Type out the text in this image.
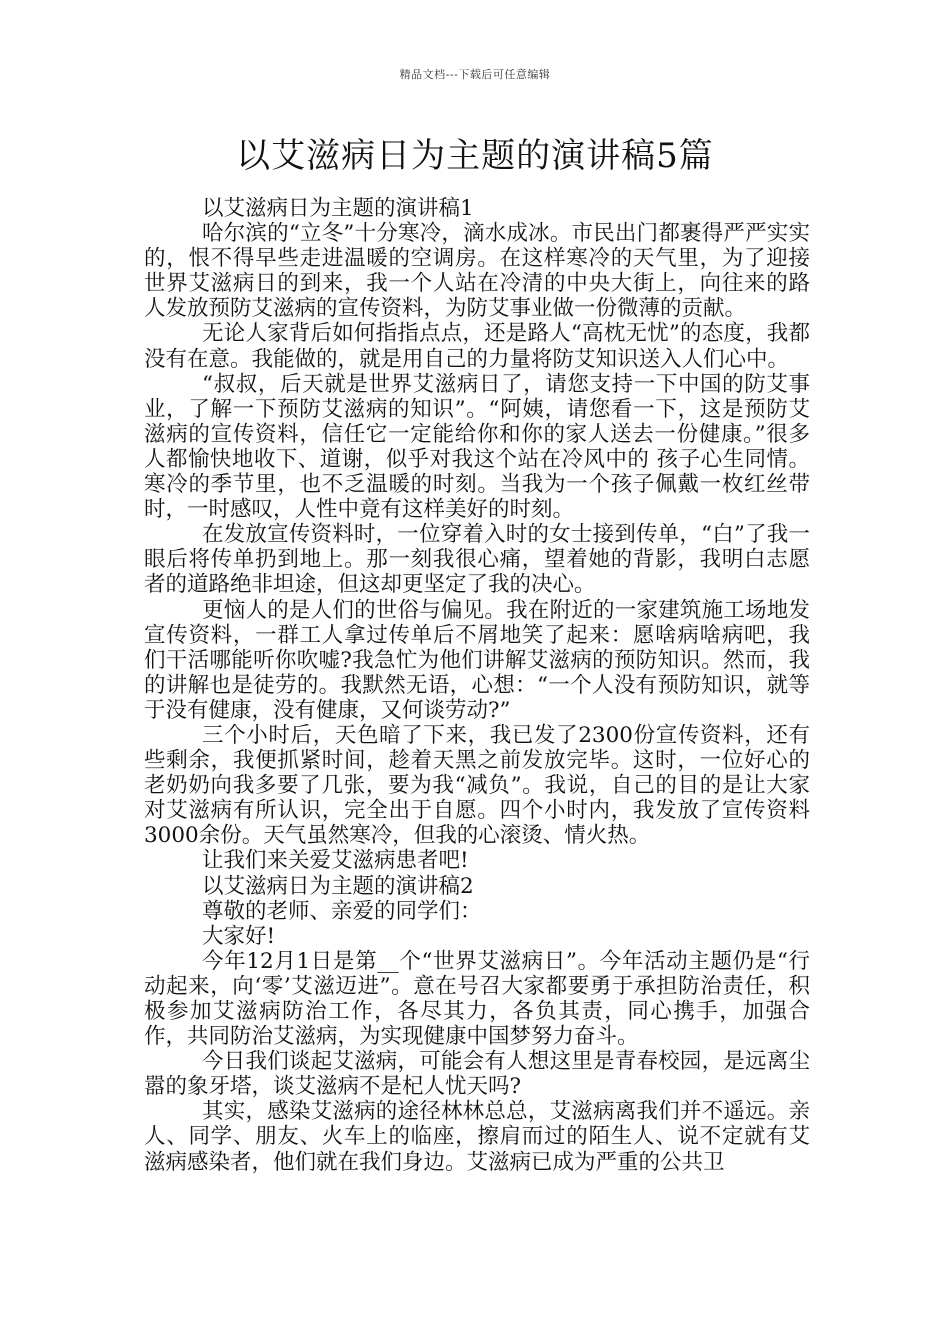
精品文档---下载后可任意编辑
以艾滋病日为主题的演讲稿5篇

以艾滋病日为主题的演讲稿1

哈尔滨的“立冬”十分寒冷，滴水成冰。市民出门都裹得严严实实的，恨不得早些走进温暖的空调房。在这样寒冷的天气里，为了迎接世界艾滋病日的到来，我一个人站在冷清的中央大街上，向往来的路人发放预防艾滋病的宣传资料，为防艾事业做一份微薄的贡献。

无论人家背后如何指指点点，还是路人“高枕无忧”的态度，我都没有在意。我能做的，就是用自己的力量将防艾知识送入人们心中。

“叔叔，后天就是世界艾滋病日了，请您支持一下中国的防艾事业，了解一下预防艾滋病的知识”。“阿姨，请您看一下，这是预防艾滋病的宣传资料，信任它一定能给你和你的家人送去一份健康。”很多人都愉快地收下、道谢，似乎对我这个站在冷风中的 孩子心生同情。寒冷的季节里，也不乏温暖的时刻。当我为一个孩子佩戴一枚红丝带时，一时感叹，人性中竟有这样美好的时刻。

在发放宣传资料时，一位穿着入时的女士接到传单，“白”了我一眼后将传单扔到地上。那一刻我很心痛，望着她的背影，我明白志愿者的道路绝非坦途，但这却更坚定了我的决心。

更恼人的是人们的世俗与偏见。我在附近的一家建筑施工场地发宣传资料，一群工人拿过传单后不屑地笑了起来：愿啥病啥病吧，我们干活哪能听你吹嘘?我急忙为他们讲解艾滋病的预防知识。然而，我的讲解也是徒劳的。我默然无语，心想：“一个人没有预防知识，就等于没有健康，没有健康，又何谈劳动?”

三个小时后，天色暗了下来，我已发了2300份宣传资料，还有些剩余，我便抓紧时间，趁着天黑之前发放完毕。这时，一位好心的老奶奶向我多要了几张，要为我“减负”。我说，自己的目的是让大家对艾滋病有所认识，完全出于自愿。四个小时内，我发放了宣传资料3000余份。天气虽然寒冷，但我的心滚烫、情火热。

让我们来关爱艾滋病患者吧!

以艾滋病日为主题的演讲稿2

尊敬的老师、亲爱的同学们：

大家好!

今年12月1日是第__个“世界艾滋病日”。今年活动主题仍是“行动起来，向‘零’艾滋迈进”。意在号召大家都要勇于承担防治责任，积极参加艾滋病防治工作，各尽其力，各负其责，同心携手，加强合作，共同防治艾滋病，为实现健康中国梦努力奋斗。

今日我们谈起艾滋病，可能会有人想这里是青春校园，是远离尘嚣的象牙塔，谈艾滋病不是杞人忧天吗?

其实，感染艾滋病的途径林林总总，艾滋病离我们并不遥远。亲人、同学、朋友、火车上的临座，擦肩而过的陌生人、说不定就有艾滋病感染者，他们就在我们身边。艾滋病已成为严重的公共卫
